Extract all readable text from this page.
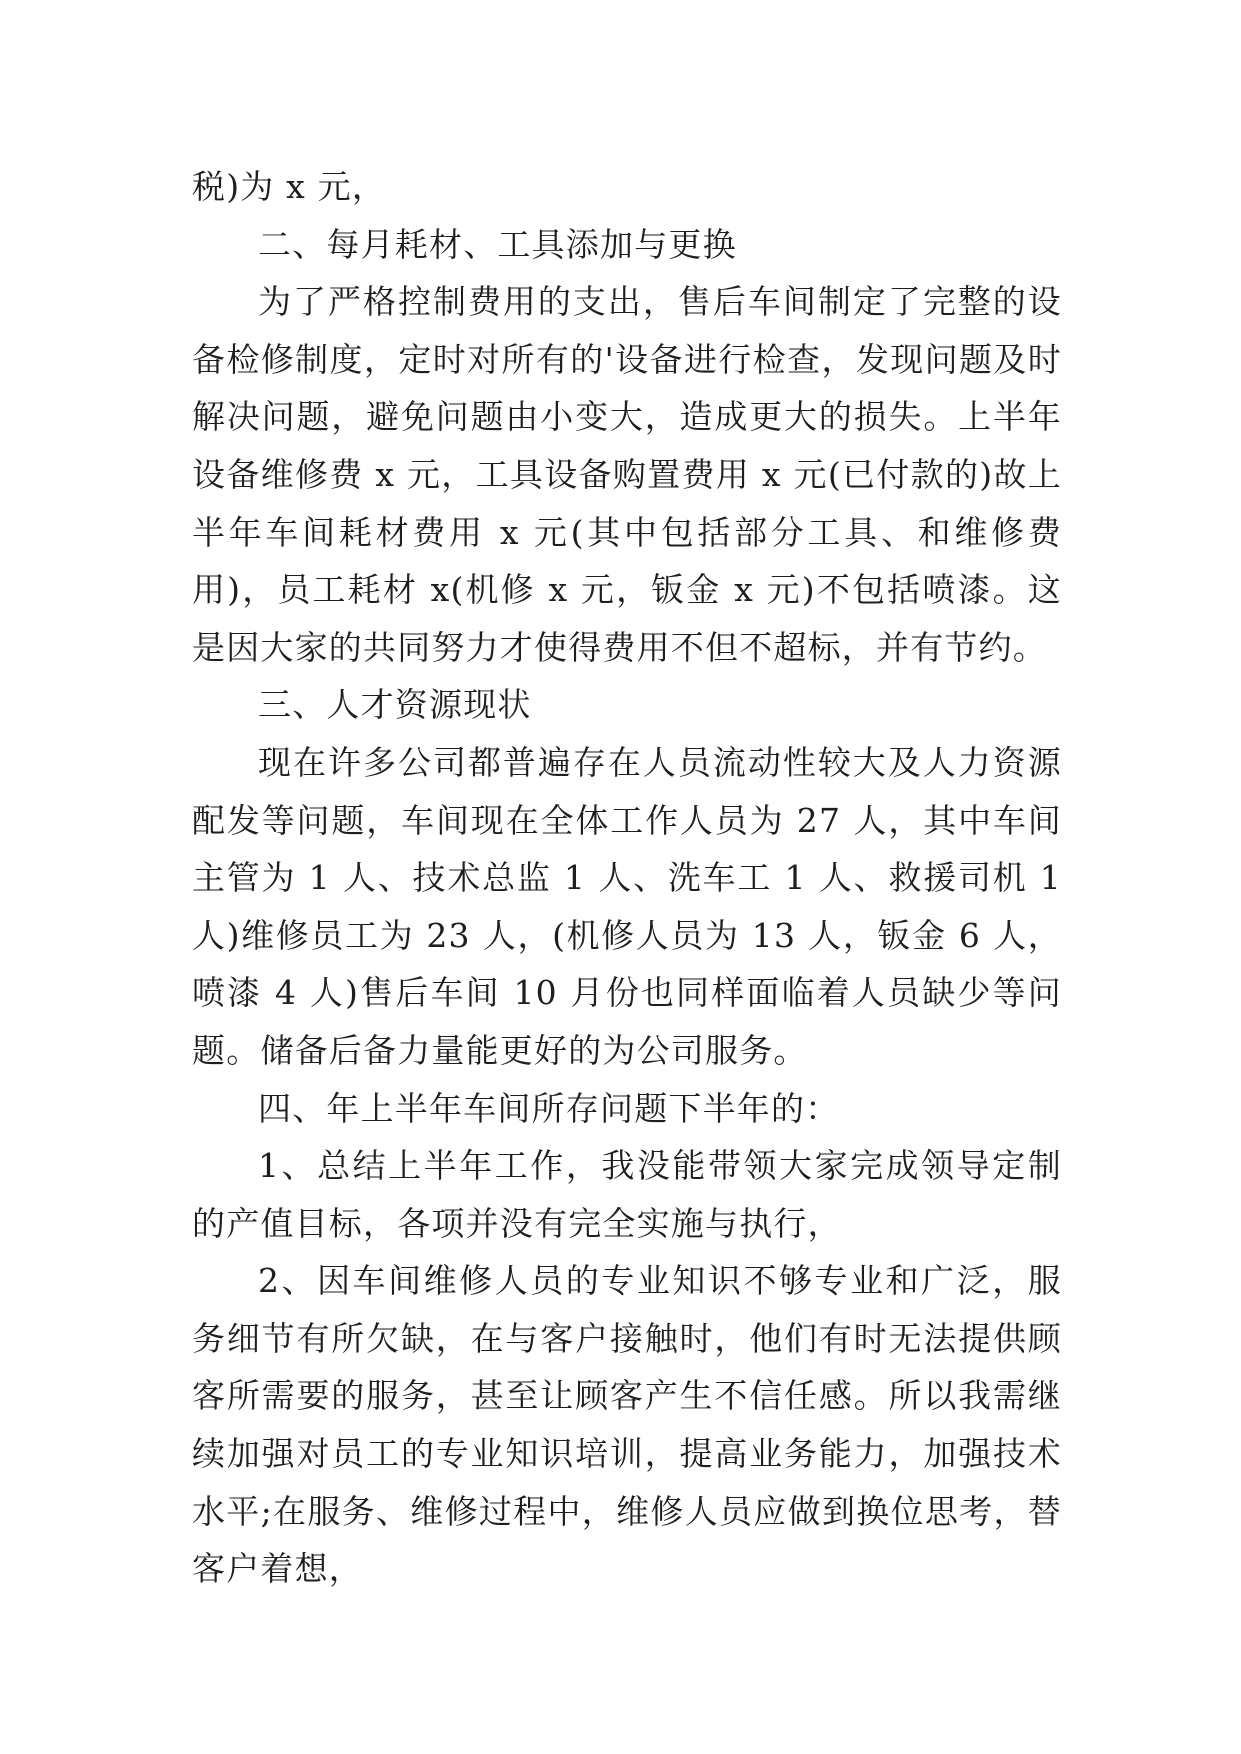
税)为 x 元，

二、每月耗材、工具添加与更换

为了严格控制费用的支出，售后车间制定了完整的设备检修制度，定时对所有的'设备进行检查，发现问题及时解决问题，避免问题由小变大，造成更大的损失。上半年设备维修费 x 元，工具设备购置费用 x 元(已付款的)故上半年车间耗材费用 x 元(其中包括部分工具、和维修费用)，员工耗材 x(机修 x 元，钣金 x 元)不包括喷漆。这是因大家的共同努力才使得费用不但不超标，并有节约。

三、人才资源现状

现在许多公司都普遍存在人员流动性较大及人力资源配发等问题，车间现在全体工作人员为 27 人，其中车间主管为 1 人、技术总监 1 人、洗车工 1 人、救援司机 1 人)维修员工为 23 人，(机修人员为 13 人，钣金 6 人，喷漆 4 人)售后车间 10 月份也同样面临着人员缺少等问题。储备后备力量能更好的为公司服务。

四、年上半年车间所存问题下半年的：

1、总结上半年工作，我没能带领大家完成领导定制的产值目标，各项并没有完全实施与执行，

2、因车间维修人员的专业知识不够专业和广泛，服务细节有所欠缺，在与客户接触时，他们有时无法提供顾客所需要的服务，甚至让顾客产生不信任感。所以我需继续加强对员工的专业知识培训，提高业务能力，加强技术水平;在服务、维修过程中，维修人员应做到换位思考，替客户着想，
